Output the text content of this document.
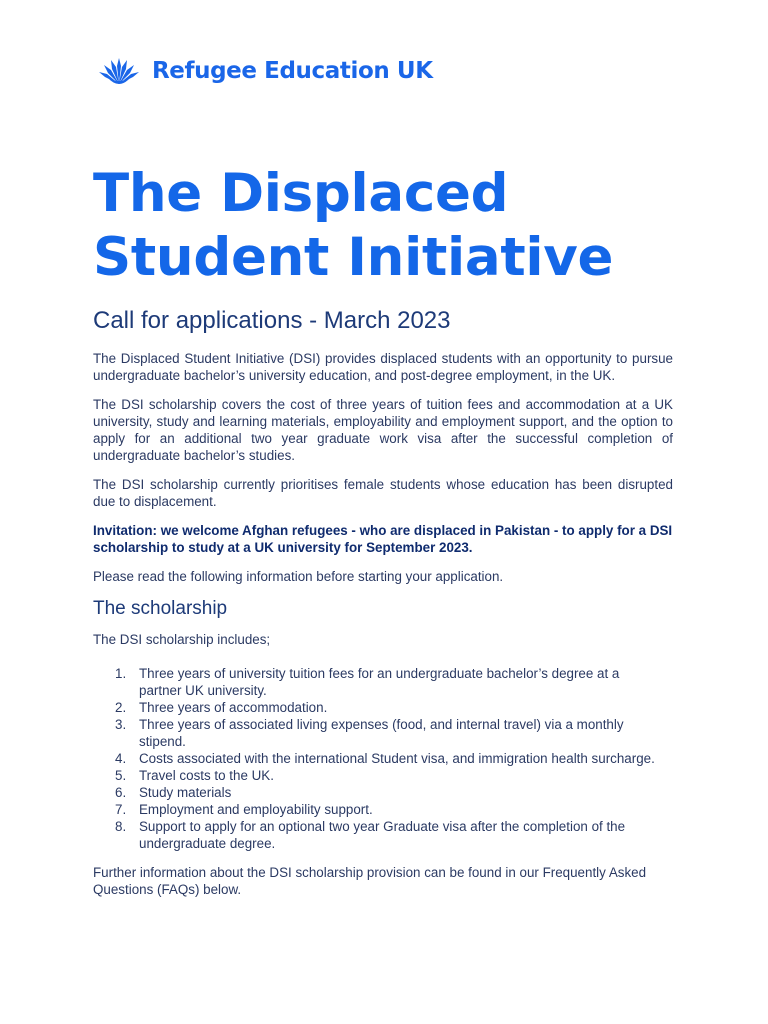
Refugee Education UK
The Displaced
Student Initiative
Call for applications - March 2023

The Displaced Student Initiative (DSI) provides displaced students with an opportunity to pursue undergraduate bachelor’s university education, and post-degree employment, in the UK.

The DSI scholarship covers the cost of three years of tuition fees and accommodation at a UK university, study and learning materials, employability and employment support, and the option to apply for an additional two year graduate work visa after the successful completion of undergraduate bachelor’s studies.

The DSI scholarship currently prioritises female students whose education has been disrupted due to displacement.

Invitation: we welcome Afghan refugees - who are displaced in Pakistan - to apply for a DSI scholarship to study at a UK university for September 2023.

Please read the following information before starting your application.

The scholarship

The DSI scholarship includes;

1. Three years of university tuition fees for an undergraduate bachelor’s degree at a partner UK university.
2. Three years of accommodation.
3. Three years of associated living expenses (food, and internal travel) via a monthly stipend.
4. Costs associated with the international Student visa, and immigration health surcharge.
5. Travel costs to the UK.
6. Study materials
7. Employment and employability support.
8. Support to apply for an optional two year Graduate visa after the completion of the undergraduate degree.

Further information about the DSI scholarship provision can be found in our Frequently Asked Questions (FAQs) below.
